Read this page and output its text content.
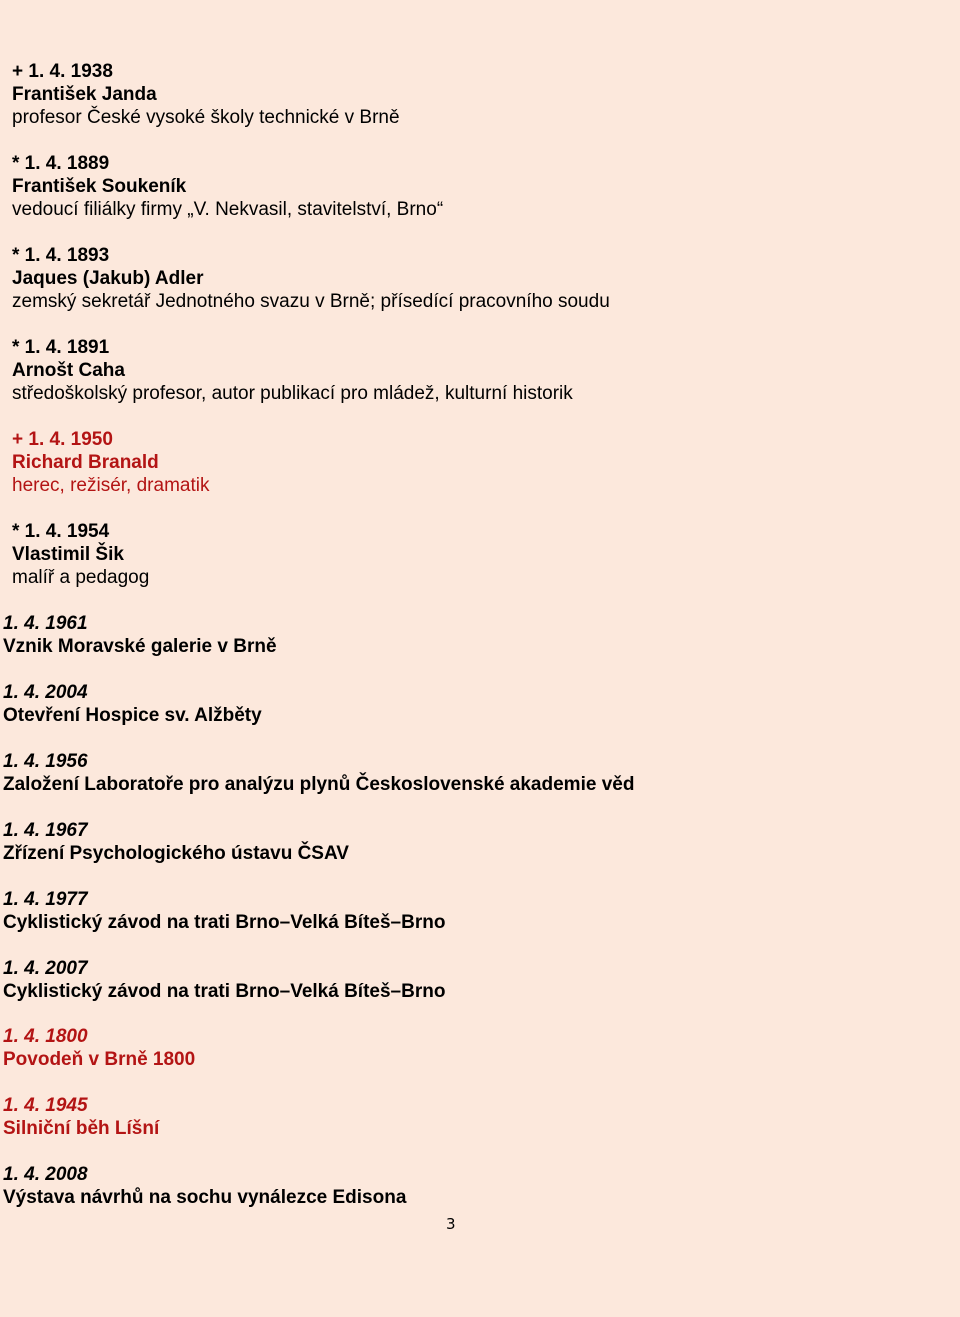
+ 1. 4. 1938
František Janda
profesor České vysoké školy technické v Brně
* 1. 4. 1889
František Soukeník
vedoucí filiálky firmy „V. Nekvasil, stavitelství, Brno“
* 1. 4. 1893
Jaques (Jakub) Adler
zemský sekretář Jednotného svazu v Brně; přísedící pracovního soudu
* 1. 4. 1891
Arnošt Caha
středoškolský profesor, autor publikací pro mládež, kulturní historik
+ 1. 4. 1950
Richard Branald
herec, režisér, dramatik
* 1. 4. 1954
Vlastimil Šik
malíř a pedagog
1. 4. 1961
Vznik Moravské galerie v Brně
1. 4. 2004
Otevření Hospice sv. Alžběty
1. 4. 1956
Založení Laboratoře pro analýzu plynů Československé akademie věd
1. 4. 1967
Zřízení Psychologického ústavu ČSAV
1. 4. 1977
Cyklistický závod na trati Brno–Velká Bíteš–Brno
1. 4. 2007
Cyklistický závod na trati Brno–Velká Bíteš–Brno
1. 4. 1800
Povodeň v Brně 1800
1. 4. 1945
Silniční běh Líšní
1. 4. 2008
Výstava návrhů na sochu vynálezce Edisona
3
